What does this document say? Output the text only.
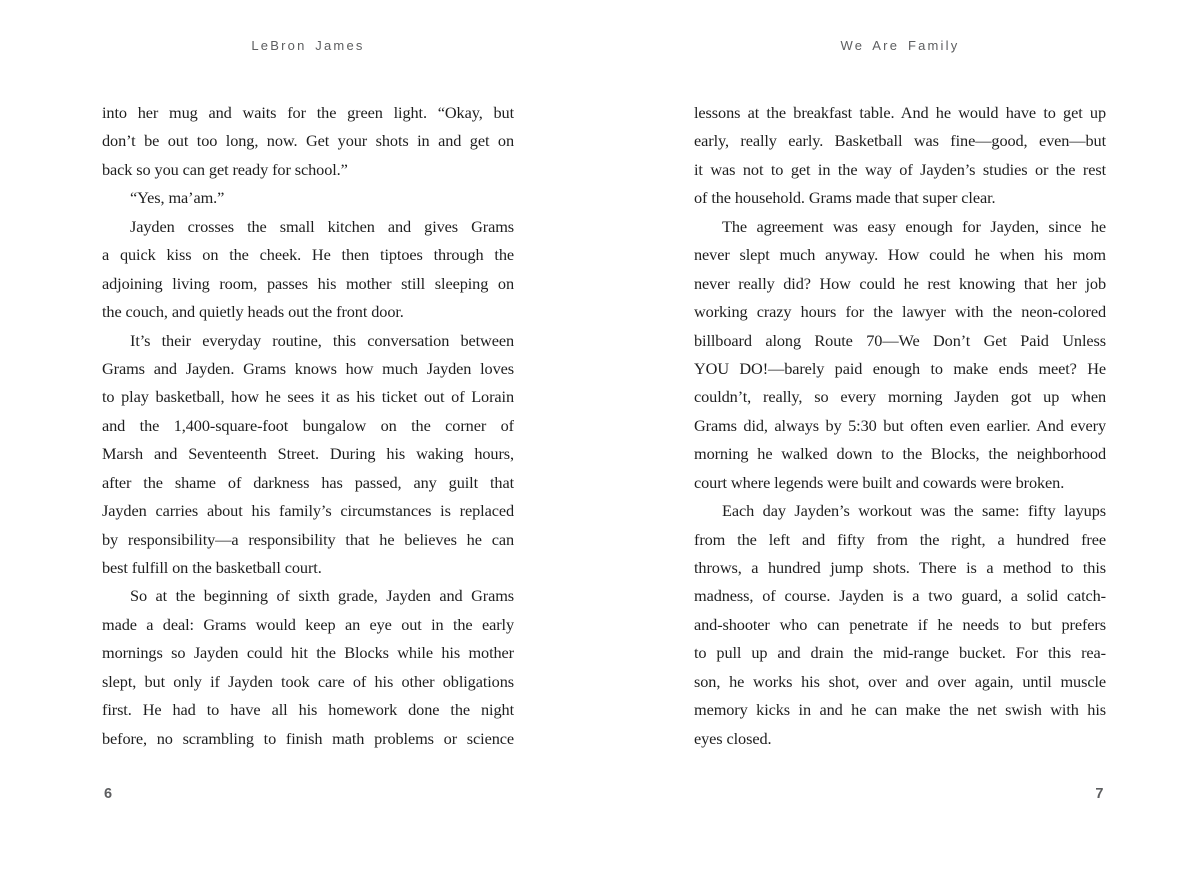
LeBron James
into her mug and waits for the green light. “Okay, but
don’t be out too long, now. Get your shots in and get on
back so you can get ready for school.”
“Yes, ma’am.”
Jayden crosses the small kitchen and gives Grams
a quick kiss on the cheek. He then tiptoes through the
adjoining living room, passes his mother still sleeping on
the couch, and quietly heads out the front door.
It’s their everyday routine, this conversation between
Grams and Jayden. Grams knows how much Jayden loves
to play basketball, how he sees it as his ticket out of Lorain
and the 1,400-square-foot bungalow on the corner of
Marsh and Seventeenth Street. During his waking hours,
after the shame of darkness has passed, any guilt that
Jayden carries about his family’s circumstances is replaced
by responsibility—a responsibility that he believes he can
best fulfill on the basketball court.
So at the beginning of sixth grade, Jayden and Grams
made a deal: Grams would keep an eye out in the early
mornings so Jayden could hit the Blocks while his mother
slept, but only if Jayden took care of his other obligations
first. He had to have all his homework done the night
before, no scrambling to finish math problems or science
6
We Are Family
lessons at the breakfast table. And he would have to get up
early, really early. Basketball was fine—good, even—but
it was not to get in the way of Jayden’s studies or the rest
of the household. Grams made that super clear.
The agreement was easy enough for Jayden, since he
never slept much anyway. How could he when his mom
never really did? How could he rest knowing that her job
working crazy hours for the lawyer with the neon-colored
billboard along Route 70—We Don’t Get Paid Unless
YOU DO!—barely paid enough to make ends meet? He
couldn’t, really, so every morning Jayden got up when
Grams did, always by 5:30 but often even earlier. And every
morning he walked down to the Blocks, the neighborhood
court where legends were built and cowards were broken.
Each day Jayden’s workout was the same: fifty layups
from the left and fifty from the right, a hundred free
throws, a hundred jump shots. There is a method to this
madness, of course. Jayden is a two guard, a solid catch-
and-shooter who can penetrate if he needs to but prefers
to pull up and drain the mid-range bucket. For this rea-
son, he works his shot, over and over again, until muscle
memory kicks in and he can make the net swish with his
eyes closed.
7
